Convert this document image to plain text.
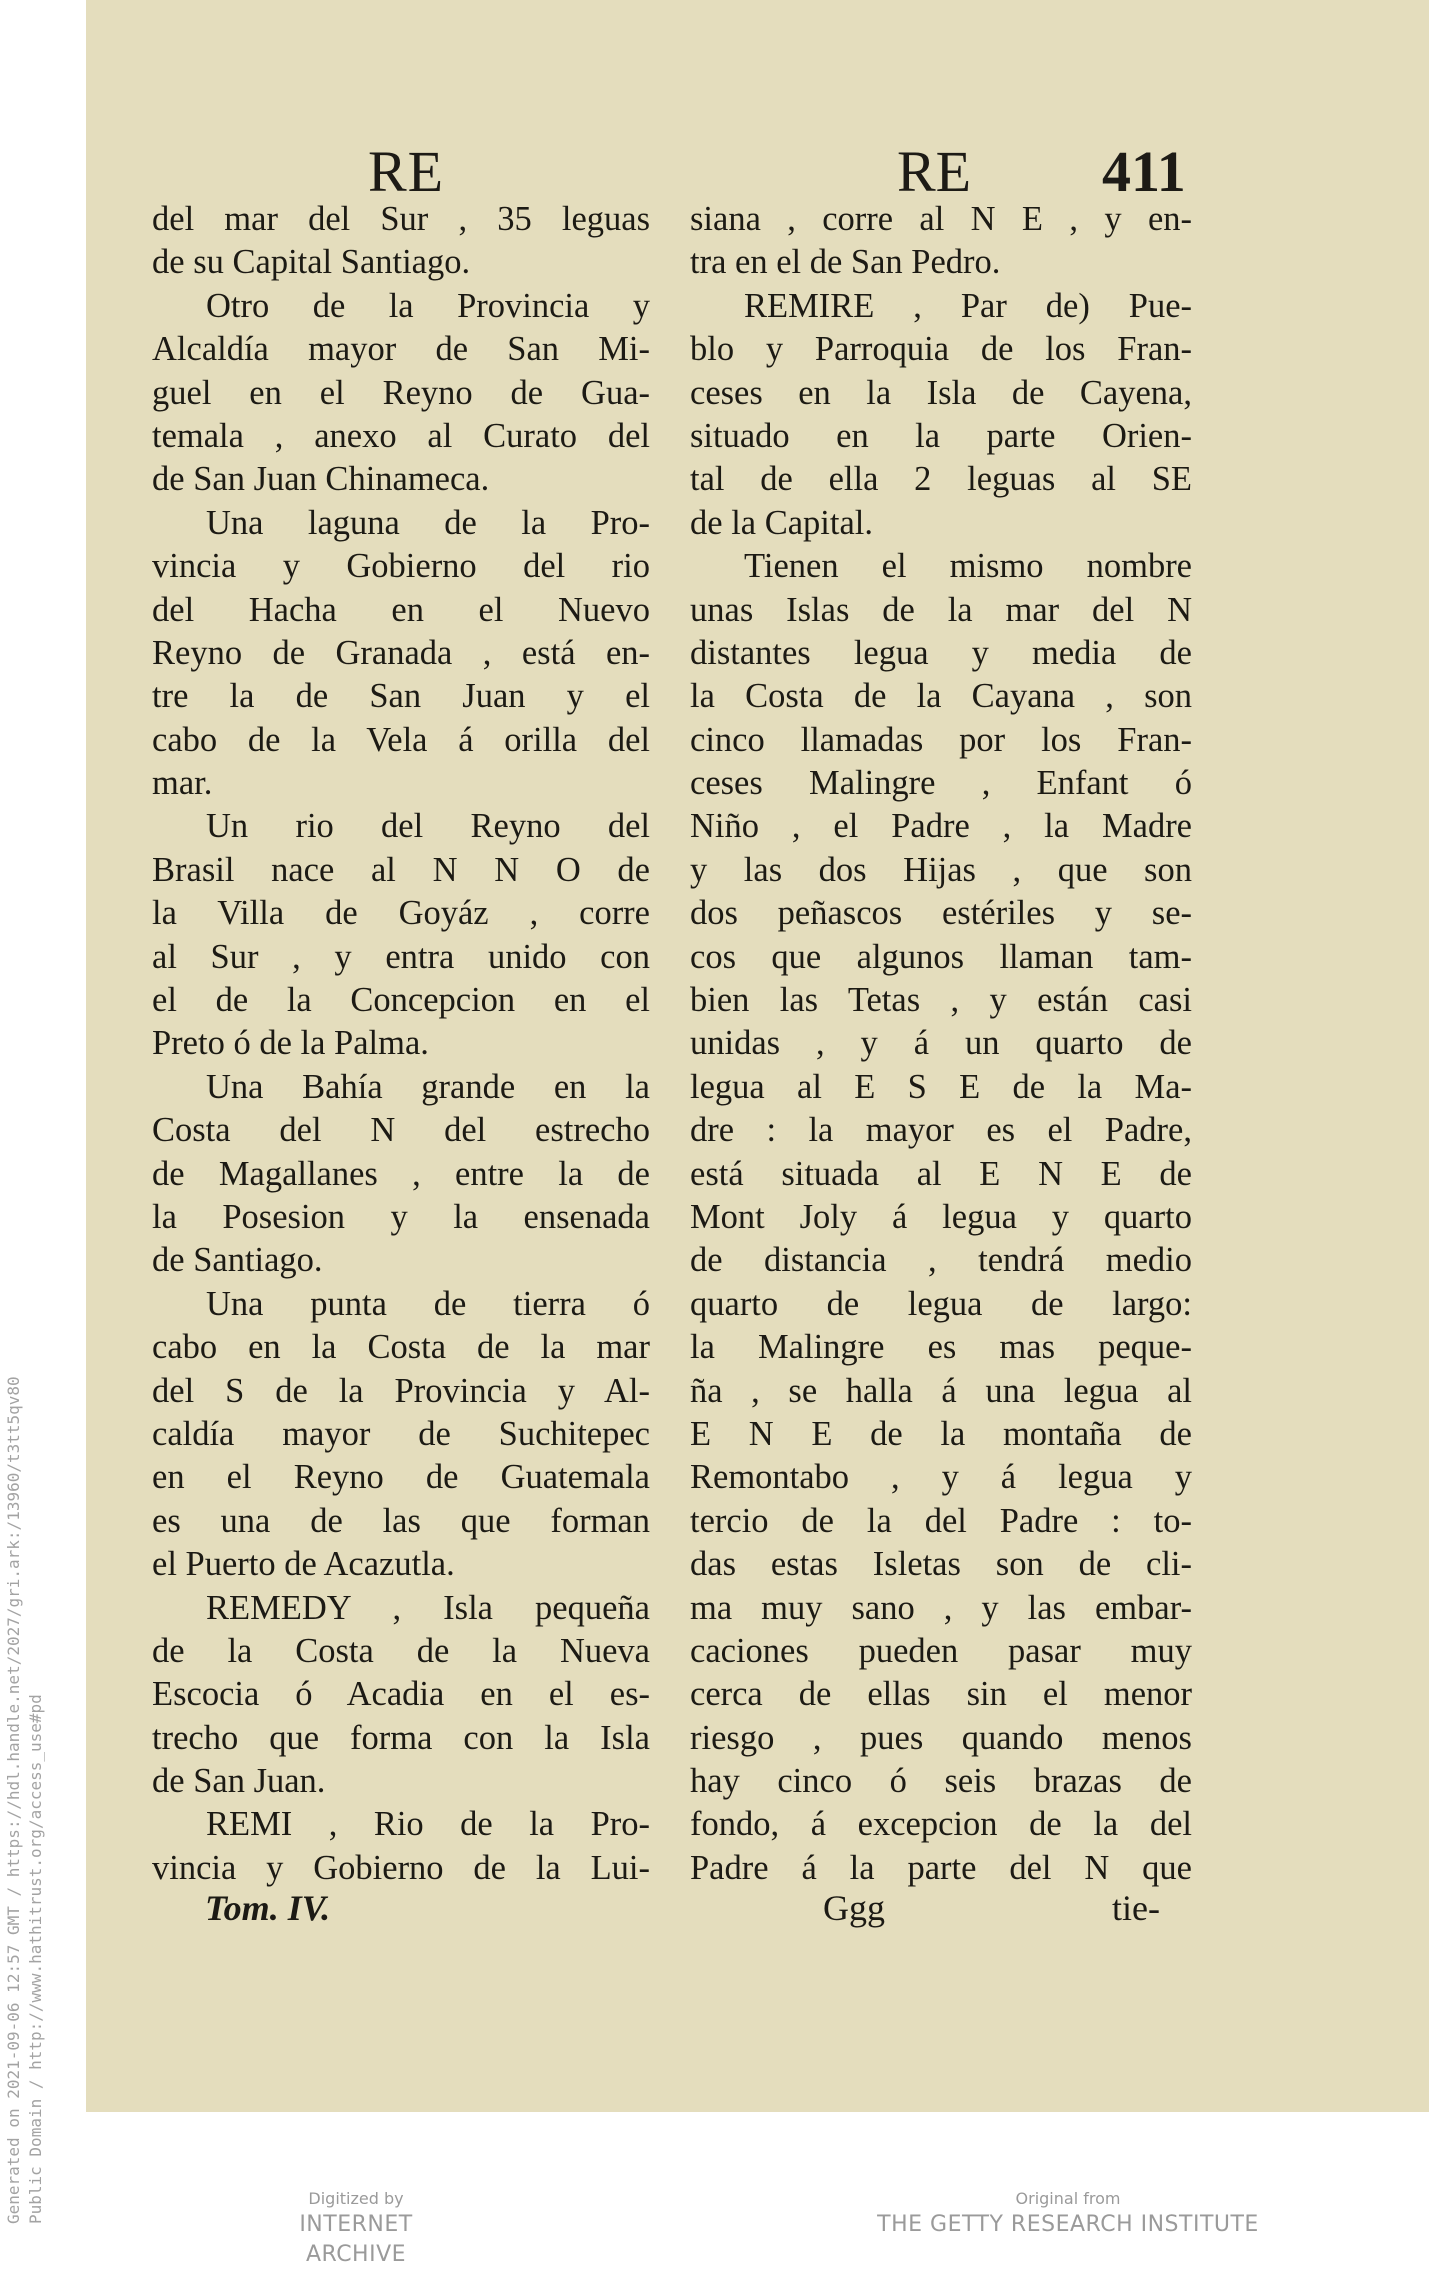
RE	RE 411
del mar del Sur , 35 leguas
de su Capital Santiago.
Otro de la Provincia y
Alcaldía mayor de San Mi-
guel en el Reyno de Gua-
temala , anexo al Curato del
de San Juan Chinameca.
Una laguna de la Pro-
vincia y Gobierno del rio
del Hacha en el Nuevo
Reyno de Granada , está en-
tre la de San Juan y el
cabo de la Vela á orilla del
mar.
Un rio del Reyno del
Brasil nace al N N O de
la Villa de Goyáz , corre
al Sur , y entra unido con
el de la Concepcion en el
Preto ó de la Palma.
Una Bahía grande en la
Costa del N del estrecho
de Magallanes , entre la de
la Posesion y la ensenada
de Santiago.
Una punta de tierra ó
cabo en la Costa de la mar
del S de la Provincia y Al-
caldía mayor de Suchitepec
en el Reyno de Guatemala
es una de las que forman
el Puerto de Acazutla.
REMEDY , Isla pequeña
de la Costa de la Nueva
Escocia ó Acadia en el es-
trecho que forma con la Isla
de San Juan.
REMI , Rio de la Pro-
vincia y Gobierno de la Lui-
siana , corre al N E , y en-
tra en el de San Pedro.
REMIRE , Par de) Pue-
blo y Parroquia de los Fran-
ceses en la Isla de Cayena,
situado en la parte Orien-
tal de ella 2 leguas al SE
de la Capital.
Tienen el mismo nombre
unas Islas de la mar del N
distantes legua y media de
la Costa de la Cayana , son
cinco llamadas por los Fran-
ceses Malingre , Enfant ó
Niño , el Padre , la Madre
y las dos Hijas , que son
dos peñascos estériles y se-
cos que algunos llaman tam-
bien las Tetas , y están casi
unidas , y á un quarto de
legua al E S E de la Ma-
dre : la mayor es el Padre,
está situada al E N E de
Mont Joly á legua y quarto
de distancia , tendrá medio
quarto de legua de largo:
la Malingre es mas peque-
ña , se halla á una legua al
E N E de la montaña de
Remontabo , y á legua y
tercio de la del Padre : to-
das estas Isletas son de cli-
ma muy sano , y las embar-
caciones pueden pasar muy
cerca de ellas sin el menor
riesgo , pues quando menos
hay cinco ó seis brazas de
fondo, á excepcion de la del
Padre á la parte del N que
Tom. IV.	Ggg	tie-
Generated on 2021-09-06 12:57 GMT / https://hdl.handle.net/2027/gri.ark:/13960/t3tt5qv80 Public Domain / http://www.hathitrust.org/access_use#pd	Digitized by
INTERNET ARCHIVE
Original from
THE GETTY RESEARCH INSTITUTE
